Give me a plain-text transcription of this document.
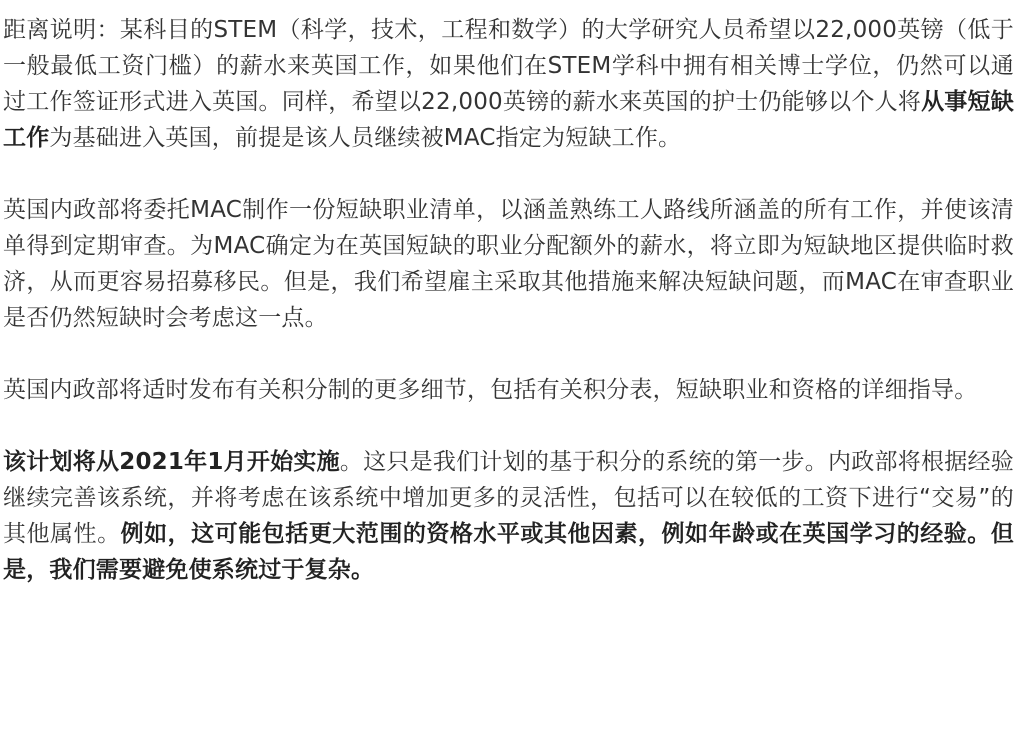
距离说明：某科目的STEM（科学，技术，工程和数学）的大学研究人员希望以22,000英镑（低于一般最低工资门槛）的薪水来英国工作，如果他们在STEM学科中拥有相关博士学位，仍然可以通过工作签证形式进入英国。同样，希望以22,000英镑的薪水来英国的护士仍能够以个人将从事短缺工作为基础进入英国，前提是该人员继续被MAC指定为短缺工作。

英国内政部将委托MAC制作一份短缺职业清单，以涵盖熟练工人路线所涵盖的所有工作，并使该清单得到定期审查。为MAC确定为在英国短缺的职业分配额外的薪水，将立即为短缺地区提供临时救济，从而更容易招募移民。但是，我们希望雇主采取其他措施来解决短缺问题，而MAC在审查职业是否仍然短缺时会考虑这一点。

英国内政部将适时发布有关积分制的更多细节，包括有关积分表，短缺职业和资格的详细指导。

该计划将从2021年1月开始实施。这只是我们计划的基于积分的系统的第一步。内政部将根据经验继续完善该系统，并将考虑在该系统中增加更多的灵活性，包括可以在较低的工资下进行“交易”的其他属性。例如，这可能包括更大范围的资格水平或其他因素，例如年龄或在英国学习的经验。但是，我们需要避免使系统过于复杂。
